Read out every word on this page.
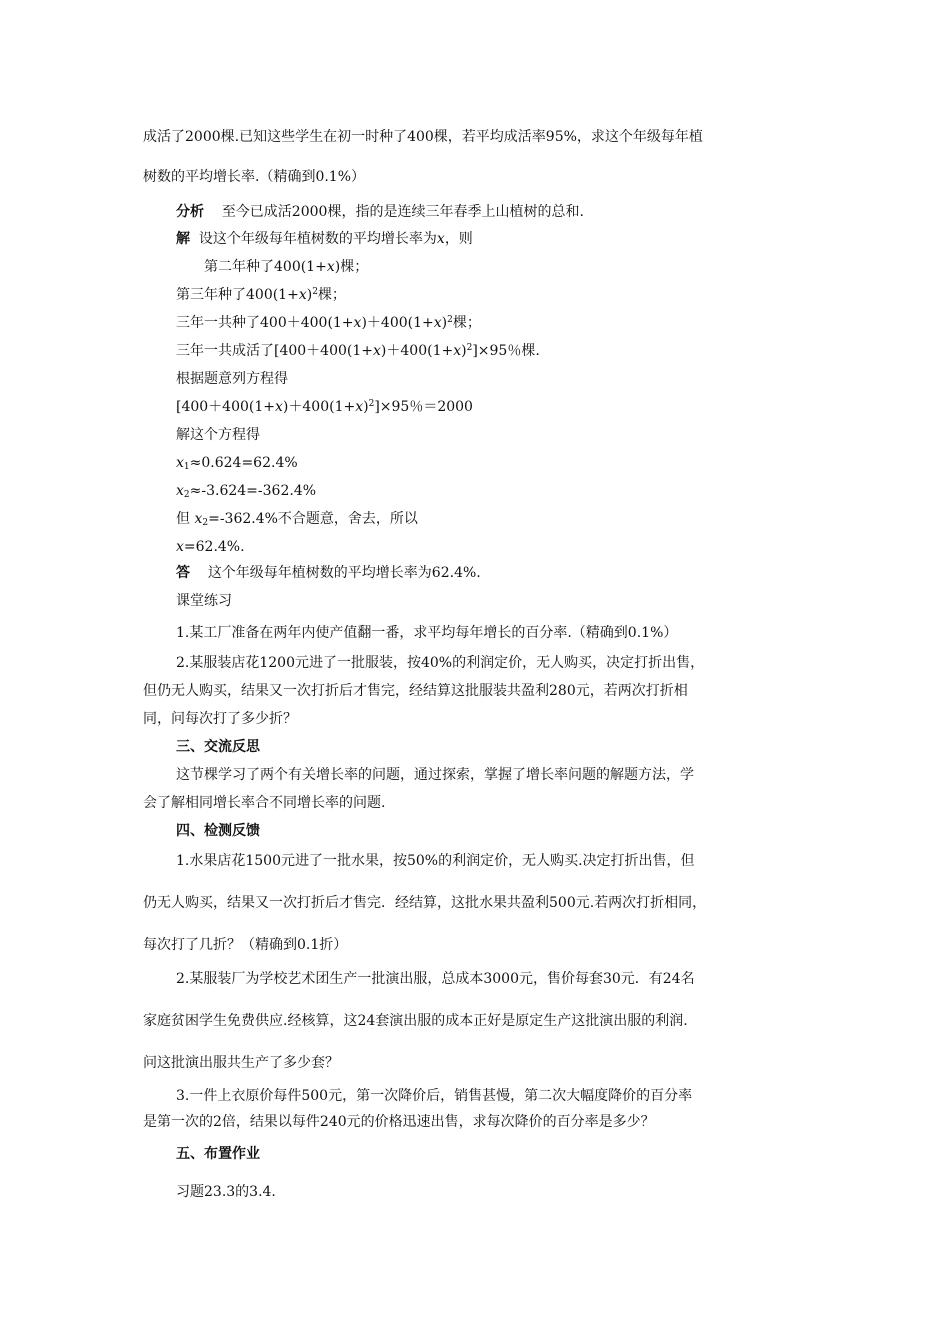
成活了2000棵.已知这些学生在初一时种了400棵，若平均成活率95%，求这个年级每年植
树数的平均增长率.（精确到0.1%）
分析 至今已成活2000棵，指的是连续三年春季上山植树的总和.
解 设这个年级每年植树数的平均增长率为x，则
第二年种了400(1+x)棵；
第三年种了$400(1+x)^2$棵；
三年一共种了$400+400(1+x)+400(1+x)^2$棵；
三年一共成活了$[400+400(1+x)+400(1+x)^2]\times 95$％棵.
根据题意列方程得
$[400+400(1+x)+400(1+x)^2]\times 95$％＝2000
解这个方程得
$x_1\approx 0.624=62.4\%$
$x_2\approx-3.624=-362.4\%$
但 $x_2=-362.4\%$不合题意，舍去，所以
x=62.4%.
答 这个年级每年植树数的平均增长率为62.4%.
课堂练习
1.某工厂准备在两年内使产值翻一番，求平均每年增长的百分率.（精确到0.1%）
2.某服装店花1200元进了一批服装，按40%的利润定价，无人购买，决定打折出售，
但仍无人购买，结果又一次打折后才售完，经结算这批服装共盈利280元，若两次打折相
同，问每次打了多少折？
三、交流反思
这节棵学习了两个有关增长率的问题，通过探索，掌握了增长率问题的解题方法，学
会了解相同增长率合不同增长率的问题.
四、检测反馈
1.水果店花1500元进了一批水果，按50%的利润定价，无人购买.决定打折出售，但
仍无人购买，结果又一次打折后才售完．经结算，这批水果共盈利500元.若两次打折相同，
每次打了几折？（精确到0.1折）
2.某服装厂为学校艺术团生产一批演出服，总成本3000元，售价每套30元．有24名
家庭贫困学生免费供应.经核算，这24套演出服的成本正好是原定生产这批演出服的利润.
问这批演出服共生产了多少套？
3.一件上衣原价每件500元，第一次降价后，销售甚慢，第二次大幅度降价的百分率
是第一次的2倍，结果以每件240元的价格迅速出售，求每次降价的百分率是多少？
五、布置作业
习题23.3的3.4.
